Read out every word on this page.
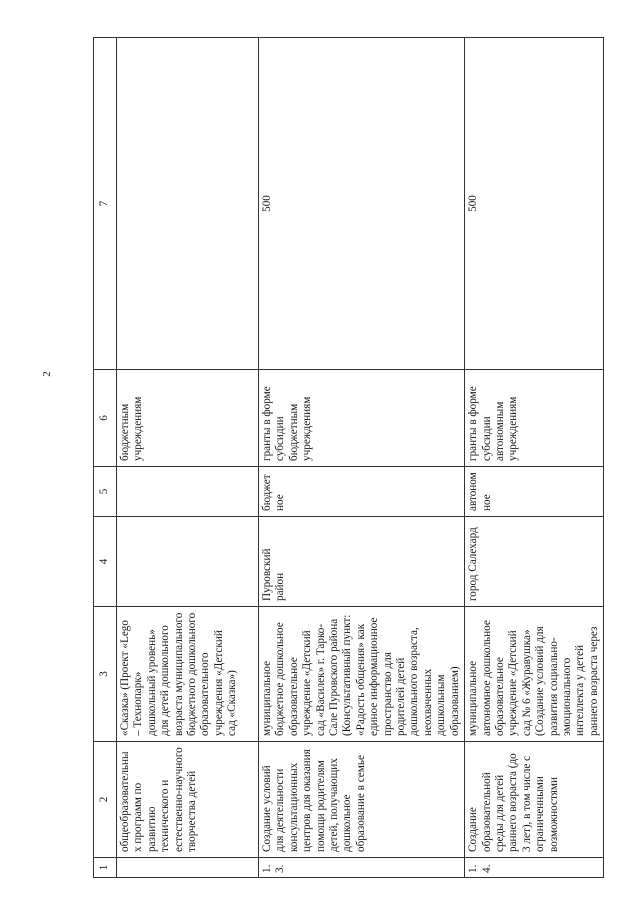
2
1	2	3	4	5	6	7
	общеобразовательных программ по развитию технического и естественно-научного творчества детей	«Сказка» (Проект «Lego – Технопарк» дошкольный уровень» для детей дошкольного возраста муниципального бюджетного дошкольного образовательного учреждения «Детский сад «Сказка»)			бюджетным учреждениям	
1.3.	Создание условий для деятельности консультационных центров для оказания помощи родителям детей, получающих дошкольное образование в семье	муниципальное бюджетное дошкольное образовательное учреждение «Детский сад «Василек» г. Тарко-Сале Пуровского района (Консультативный пункт: «Радость общения» как единое информационное пространство для родителей детей дошкольного возраста, неохваченных дошкольным образованием)	Пуровский район	бюджетное	гранты в форме субсидии бюджетным учреждениям	500
1.4.	Создание образовательной среды для детей раннего возраста (до 3 лет), в том числе с ограниченными возможностями	муниципальное автономное дошкольное образовательное учреждение «Детский сад № 6 «Журавушка» (Создание условий для развития социально-эмоционального интеллекта у детей раннего возраста через	город Салехард	автономное	гранты в форме субсидии автономным учреждениям	500
